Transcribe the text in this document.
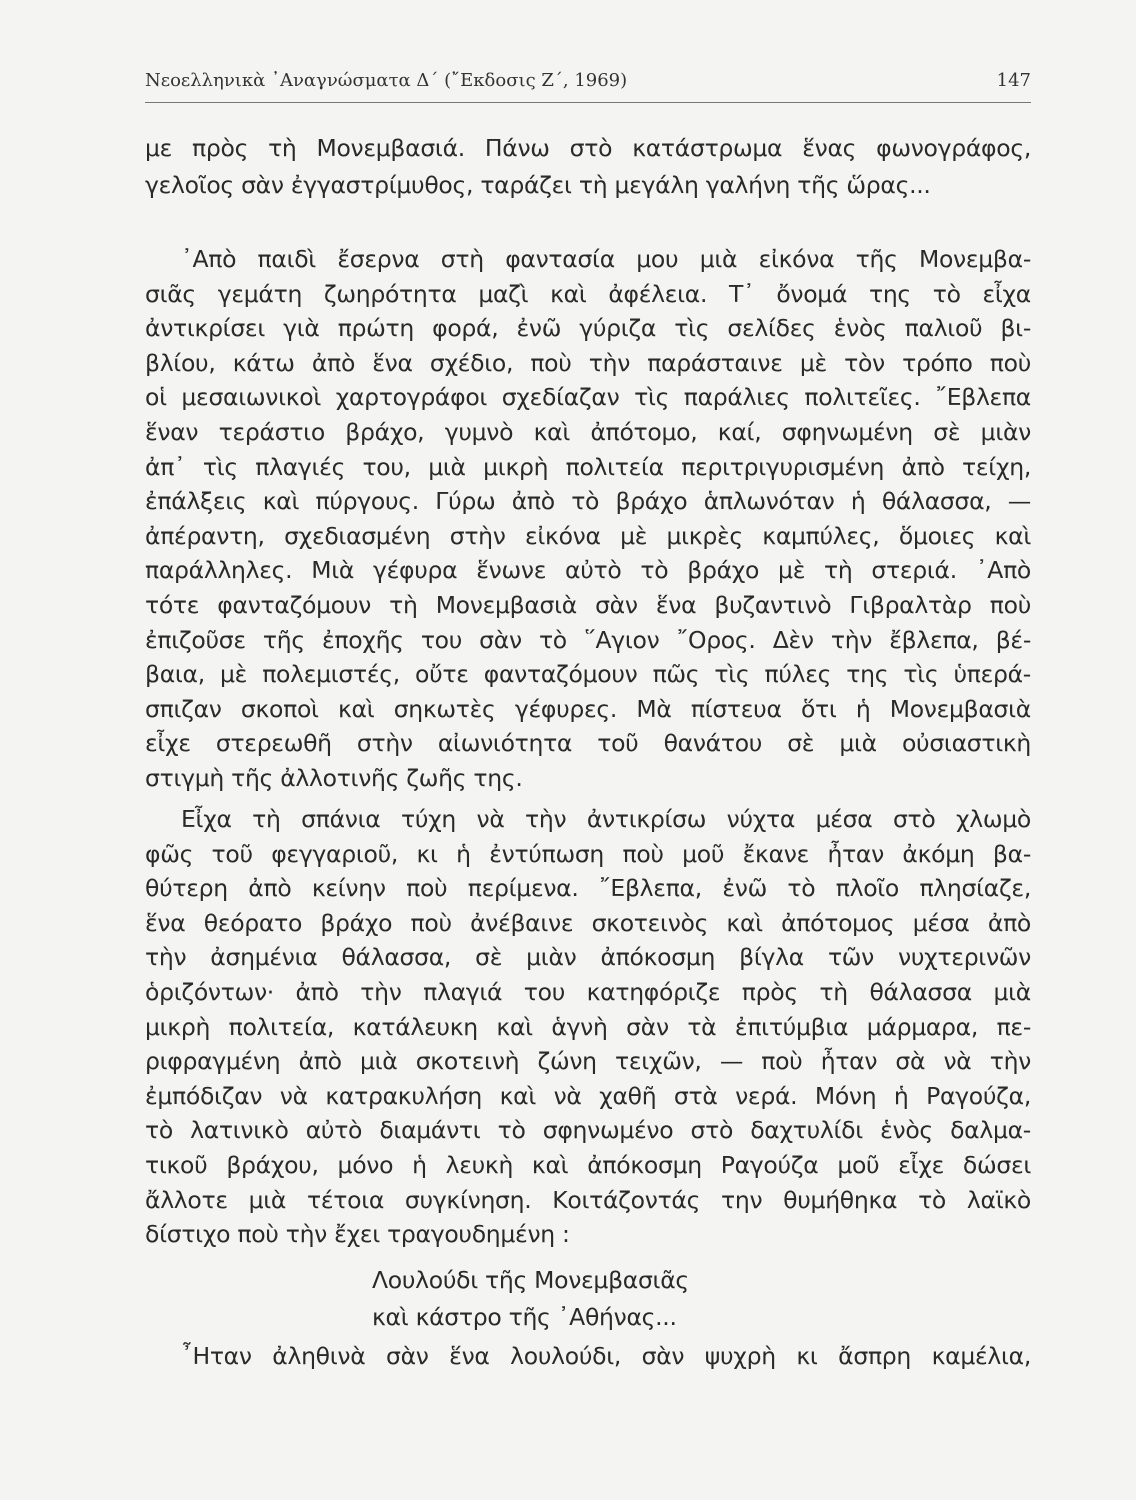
Νεοελληνικὰ ᾿Αναγνώσματα Δ΄ (῎Εκδοσις Ζ΄, 1969)	147
με πρὸς τὴ Μονεμβασιά. Πάνω στὸ κατάστρωμα ἕνας φωνογράφος,
γελοῖος σὰν ἐγγαστρίμυθος, ταράζει τὴ μεγάλη γαλήνη τῆς ὥρας...
᾿Απὸ παιδὶ ἔσερνα στὴ φαντασία μου μιὰ εἰκόνα τῆς Μονεμβα-
σιᾶς γεμάτη ζωηρότητα μαζὶ καὶ ἀφέλεια. Τ᾿ ὄνομά της τὸ εἶχα
ἀντικρίσει γιὰ πρώτη φορά, ἐνῶ γύριζα τὶς σελίδες ἑνὸς παλιοῦ βι-
βλίου, κάτω ἀπὸ ἕνα σχέδιο, ποὺ τὴν παράσταινε μὲ τὸν τρόπο ποὺ
οἱ μεσαιωνικοὶ χαρτογράφοι σχεδίαζαν τὶς παράλιες πολιτεῖες. ῎Εβλεπα
ἕναν τεράστιο βράχο, γυμνὸ καὶ ἀπότομο, καί, σφηνωμένη σὲ μιὰν
ἀπ᾿ τὶς πλαγιές του, μιὰ μικρὴ πολιτεία περιτριγυρισμένη ἀπὸ τείχη,
ἐπάλξεις καὶ πύργους. Γύρω ἀπὸ τὸ βράχο ἁπλωνόταν ἡ θάλασσα, —
ἀπέραντη, σχεδιασμένη στὴν εἰκόνα μὲ μικρὲς καμπύλες, ὅμοιες καὶ
παράλληλες. Μιὰ γέφυρα ἕνωνε αὐτὸ τὸ βράχο μὲ τὴ στεριά. ᾿Απὸ
τότε φανταζόμουν τὴ Μονεμβασιὰ σὰν ἕνα βυζαντινὸ Γιβραλτὰρ ποὺ
ἐπιζοῦσε τῆς ἐποχῆς του σὰν τὸ ῞Αγιον ῎Ορος. Δὲν τὴν ἔβλεπα, βέ-
βαια, μὲ πολεμιστές, οὔτε φανταζόμουν πῶς τὶς πύλες της τὶς ὑπερά-
σπιζαν σκοποὶ καὶ σηκωτὲς γέφυρες. Μὰ πίστευα ὅτι ἡ Μονεμβασιὰ
εἶχε στερεωθῆ στὴν αἰωνιότητα τοῦ θανάτου σὲ μιὰ οὐσιαστικὴ
στιγμὴ τῆς ἀλλοτινῆς ζωῆς της.
Εἶχα τὴ σπάνια τύχη νὰ τὴν ἀντικρίσω νύχτα μέσα στὸ χλωμὸ
φῶς τοῦ φεγγαριοῦ, κι ἡ ἐντύπωση ποὺ μοῦ ἔκανε ἦταν ἀκόμη βα-
θύτερη ἀπὸ κείνην ποὺ περίμενα. ῎Εβλεπα, ἐνῶ τὸ πλοῖο πλησίαζε,
ἕνα θεόρατο βράχο ποὺ ἀνέβαινε σκοτεινὸς καὶ ἀπότομος μέσα ἀπὸ
τὴν ἀσημένια θάλασσα, σὲ μιὰν ἀπόκοσμη βίγλα τῶν νυχτερινῶν
ὁριζόντων· ἀπὸ τὴν πλαγιά του κατηφόριζε πρὸς τὴ θάλασσα μιὰ
μικρὴ πολιτεία, κατάλευκη καὶ ἁγνὴ σὰν τὰ ἐπιτύμβια μάρμαρα, πε-
ριφραγμένη ἀπὸ μιὰ σκοτεινὴ ζώνη τειχῶν, — ποὺ ἦταν σὰ νὰ τὴν
ἐμπόδιζαν νὰ κατρακυλήση καὶ νὰ χαθῆ στὰ νερά. Μόνη ἡ Ραγούζα,
τὸ λατινικὸ αὐτὸ διαμάντι τὸ σφηνωμένο στὸ δαχτυλίδι ἑνὸς δαλμα-
τικοῦ βράχου, μόνο ἡ λευκὴ καὶ ἀπόκοσμη Ραγούζα μοῦ εἶχε δώσει
ἄλλοτε μιὰ τέτοια συγκίνηση. Κοιτάζοντάς την θυμήθηκα τὸ λαϊκὸ
δίστιχο ποὺ τὴν ἔχει τραγουδημένη :
Λουλούδι τῆς Μονεμβασιᾶς
καὶ κάστρο τῆς ᾿Αθήνας...
῏Ηταν ἀληθινὰ σὰν ἕνα λουλούδι, σὰν ψυχρὴ κι ἄσπρη καμέλια,
